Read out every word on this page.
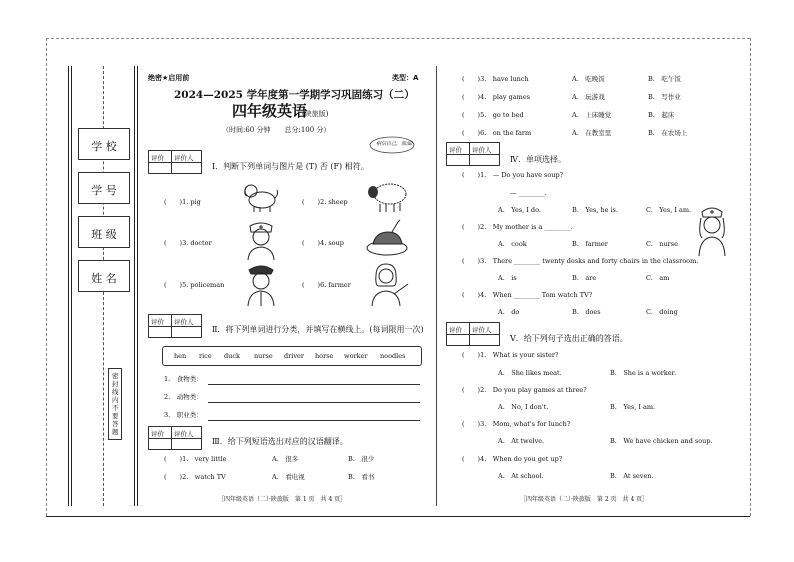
学 校
学 号
班 级
姓 名
密封线内不要答题
绝密★启用前	类型：A
2024—2025 学年度第一学期学习巩固练习（二）
四年级英语
(陕旅版)
（时间:60 分钟　　总分:100 分）
相信自己，加油!
评价 评价人
Ⅰ．判断下列单词与图片是 (T) 否 (F) 相符。
(　　)1. pig	(　　)2. sheep
(　　)3. doctor	(　　)4. soup
(　　)5. policeman	(　　)6. farmer
评价 评价人
Ⅱ．将下列单词进行分类，并填写在横线上。(每词限用一次)
hen rice duck nurse driver horse worker noodles
1.　食物类：
2.　动物类：
3.　职业类：
评价 评价人
Ⅲ．给下列短语选出对应的汉语翻译。
(　　)1.　very little	A.　很多	B.　很少
(　　)2.　watch TV	A.　看电视	B.　看书
［四年级英语（二）·陕旅版　第 1 页　共 4 页］
(　　)3.　have lunch	A.　吃晚饭	B.　吃午饭
(　　)4.　play games	A.　玩游戏	B.　写作业
(　　)5.　go to bed	A.　上床睡觉	B.　起床
(　　)6.　on the farm	A.　在教室里	B.　在农场上
评价 评价人
Ⅳ．单项选择。
(　　)1.　— Do you have soup?
— ________.
A.　Yes, I do.	B.　Yes, he is.	C.　Yes, I am.
(　　)2.　My mother is a ________.
A.　cook	B.　farmer	C.　nurse
(　　)3.　There ________ twenty desks and forty chairs in the classroom.
A.　is	B.　are	C.　am
(　　)4.　When ________ Tom watch TV?
A.　do	B.　does	C.　doing
评价 评价人
Ⅴ．给下列句子选出正确的答语。
(　　)1.　What is your sister?
A.　She likes meat.	B.　She is a worker.
(　　)2.　Do you play games at three?
A.　No, I don't.	B.　Yes, I am.
(　　)3.　Mom, what's for lunch?
A.　At twelve.	B.　We have chicken and soup.
(　　)4.　When do you get up?
A.　At school.	B.　At seven.
［四年级英语（二）·陕旅版　第 2 页　共 4 页］
